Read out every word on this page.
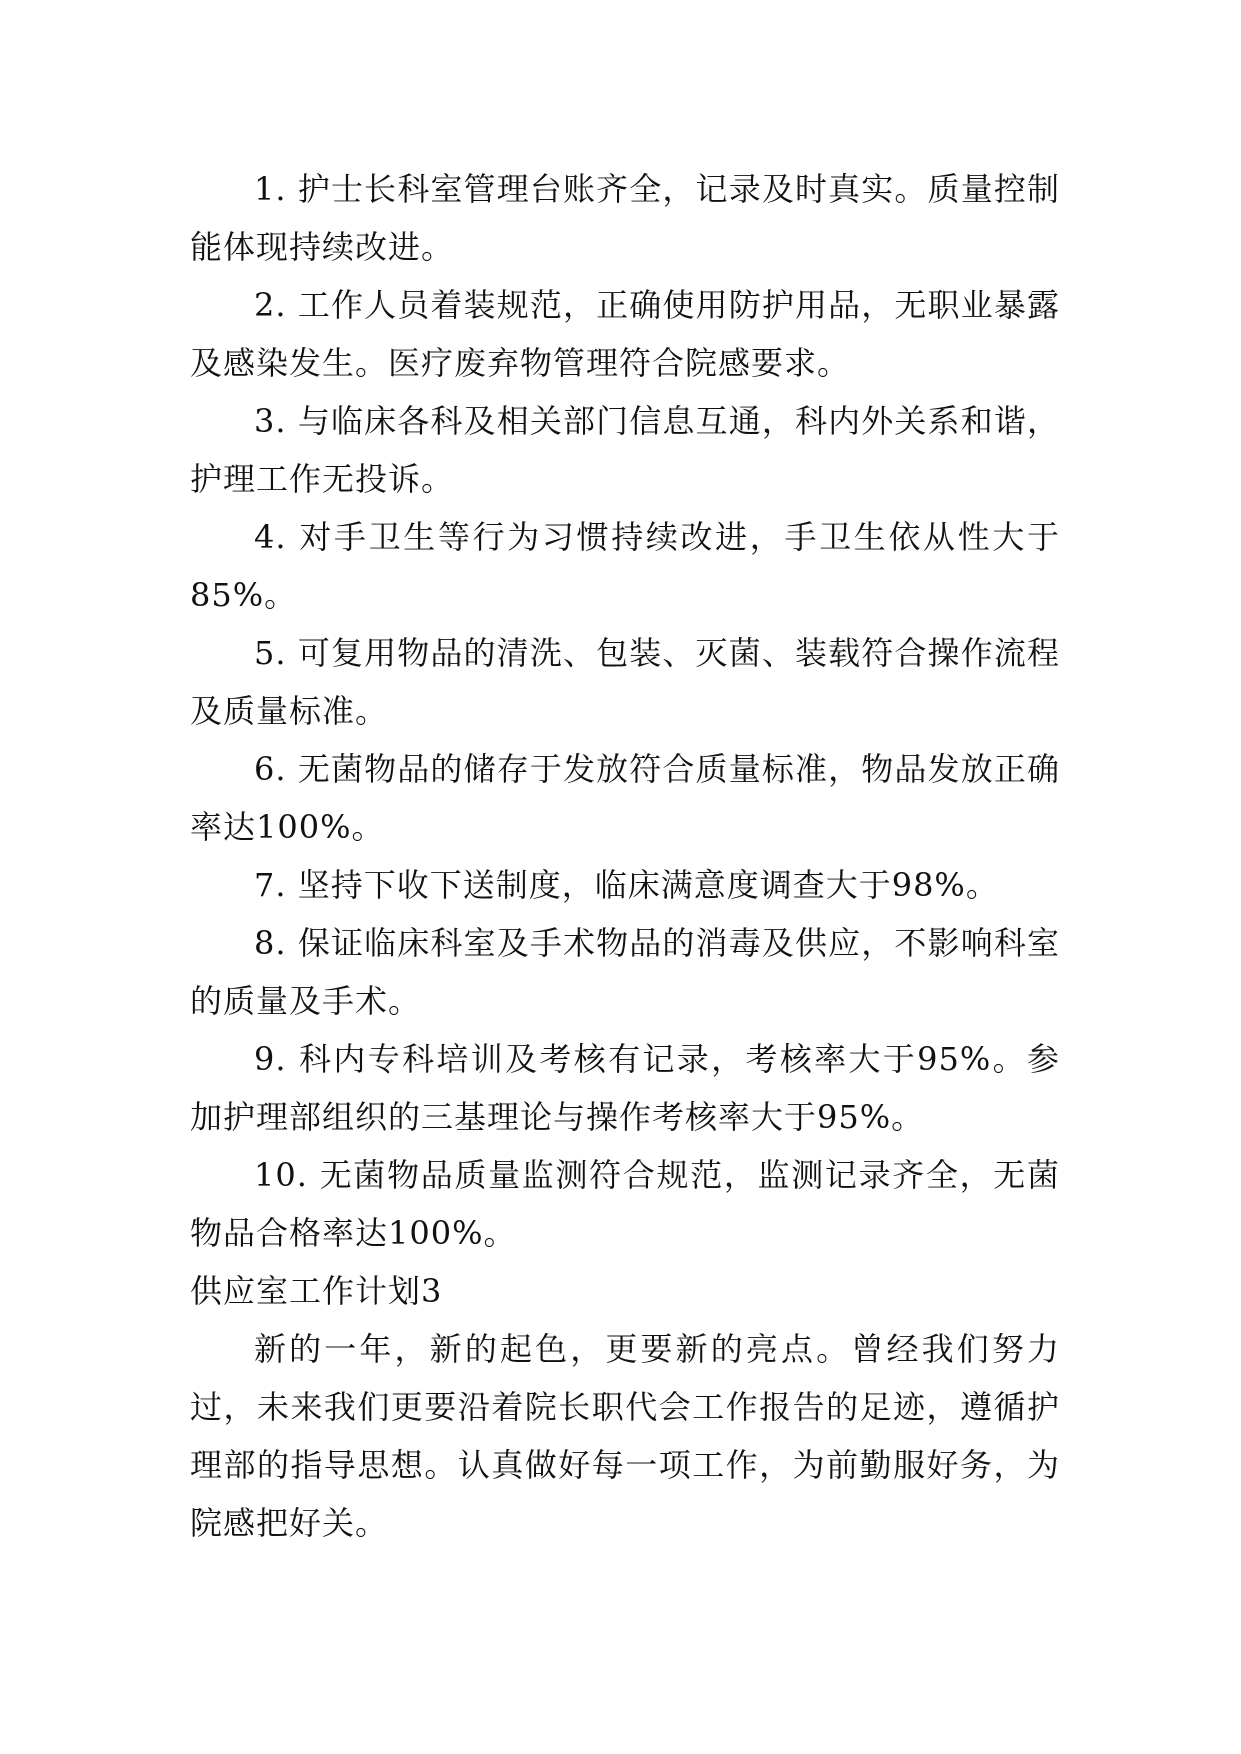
1. 护士长科室管理台账齐全，记录及时真实。质量控制能体现持续改进。

2. 工作人员着装规范，正确使用防护用品，无职业暴露及感染发生。医疗废弃物管理符合院感要求。

3. 与临床各科及相关部门信息互通，科内外关系和谐，护理工作无投诉。

4. 对手卫生等行为习惯持续改进，手卫生依从性大于85%。

5. 可复用物品的清洗、包装、灭菌、装载符合操作流程及质量标准。

6. 无菌物品的储存于发放符合质量标准，物品发放正确率达100%。

7. 坚持下收下送制度，临床满意度调查大于98%。

8. 保证临床科室及手术物品的消毒及供应，不影响科室的质量及手术。

9. 科内专科培训及考核有记录，考核率大于95%。参加护理部组织的三基理论与操作考核率大于95%。

10. 无菌物品质量监测符合规范，监测记录齐全，无菌物品合格率达100%。

供应室工作计划3

新的一年，新的起色，更要新的亮点。曾经我们努力过，未来我们更要沿着院长职代会工作报告的足迹，遵循护理部的指导思想。认真做好每一项工作，为前勤服好务，为院感把好关。
